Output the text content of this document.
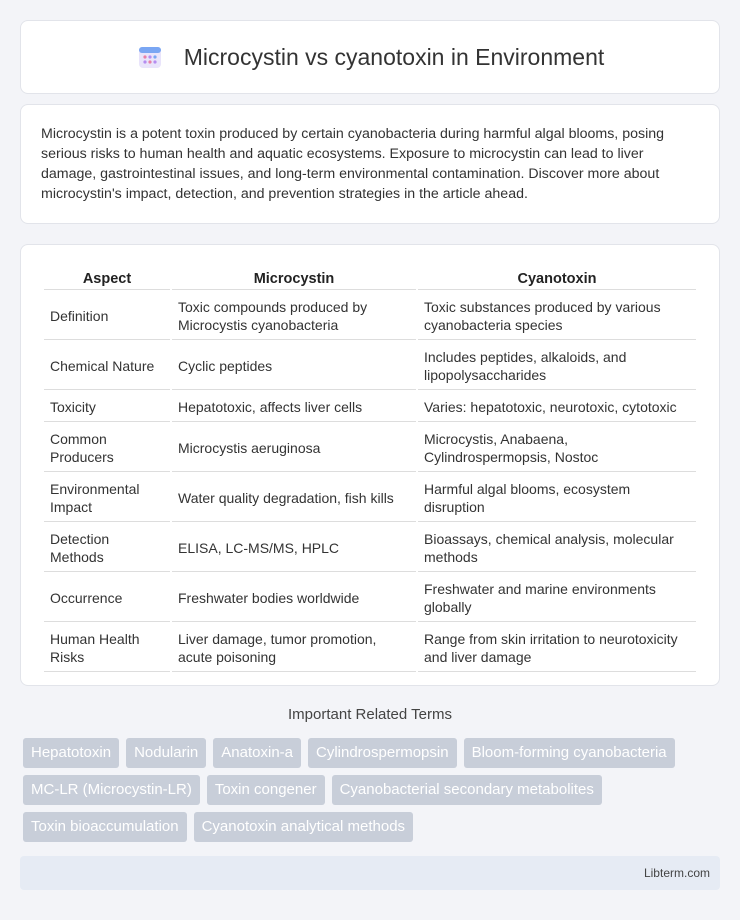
Microcystin vs cyanotoxin in Environment

Microcystin is a potent toxin produced by certain cyanobacteria during harmful algal blooms, posing serious risks to human health and aquatic ecosystems. Exposure to microcystin can lead to liver damage, gastrointestinal issues, and long-term environmental contamination. Discover more about microcystin's impact, detection, and prevention strategies in the article ahead.

Aspect	Microcystin	Cyanotoxin
Definition	Toxic compounds produced by Microcystis cyanobacteria	Toxic substances produced by various cyanobacteria species
Chemical Nature	Cyclic peptides	Includes peptides, alkaloids, and lipopolysaccharides
Toxicity	Hepatotoxic, affects liver cells	Varies: hepatotoxic, neurotoxic, cytotoxic
Common Producers	Microcystis aeruginosa	Microcystis, Anabaena, Cylindrospermopsis, Nostoc
Environmental Impact	Water quality degradation, fish kills	Harmful algal blooms, ecosystem disruption
Detection Methods	ELISA, LC-MS/MS, HPLC	Bioassays, chemical analysis, molecular methods
Occurrence	Freshwater bodies worldwide	Freshwater and marine environments globally
Human Health Risks	Liver damage, tumor promotion, acute poisoning	Range from skin irritation to neurotoxicity and liver damage
Important Related Terms
Hepatotoxin	Nodularin	Anatoxin-a	Cylindrospermopsin	Bloom-forming cyanobacteria
MC-LR (Microcystin-LR)	Toxin congener	Cyanobacterial secondary metabolites
Toxin bioaccumulation	Cyanotoxin analytical methods
Libterm.com
